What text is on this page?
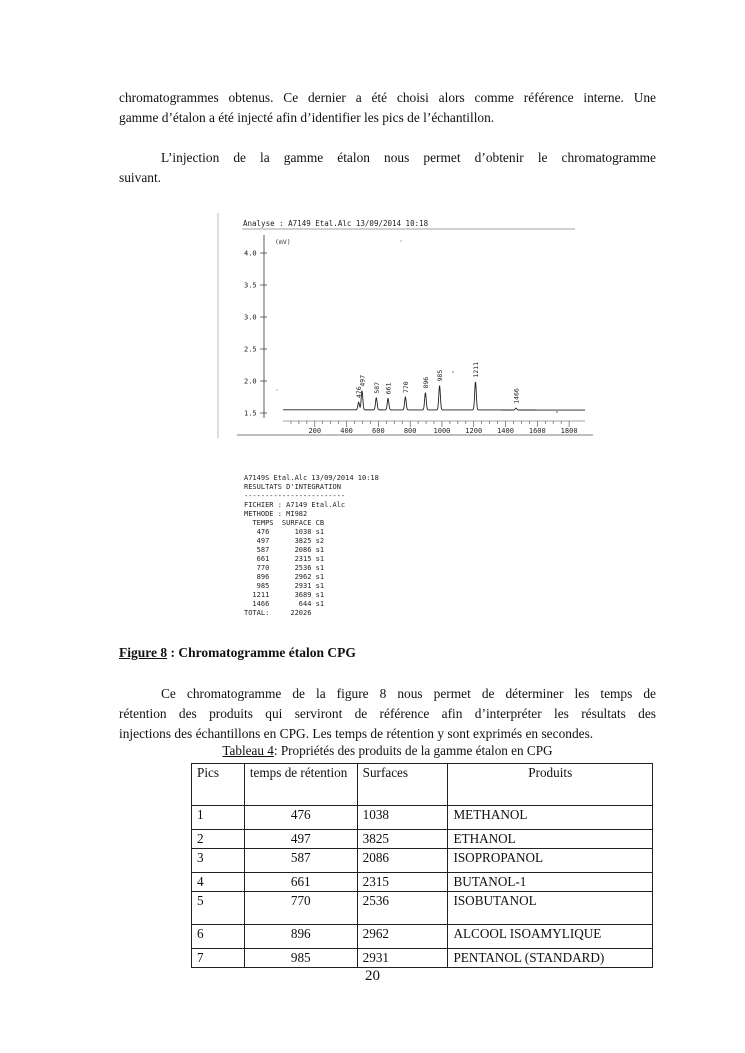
chromatogrammes obtenus. Ce dernier a été choisi alors comme référence interne. Une
gamme d’étalon a été injecté afin d’identifier les pics de l’échantillon.
L’injection de la gamme étalon nous permet d’obtenir le chromatogramme
suivant.
Analyse : A7149 Etal.Alc 13/09/2014 10:18
(mV)
4.0
3.5
3.0
2.5
2.0
1.5
200	400	600	800 1000 1200 1400 1600 1800
476
497
587 661 770 896
985	1211
1466
A7149S Etal.Alc 13/09/2014 10:18
RESULTATS D'INTEGRATION
------------------------
FICHIER : A7149 Etal.Alc
METHODE : MI982
TEMPS  SURFACE CB
476      1038 s1
497      3825 s2
587      2086 s1
661      2315 s1
770      2536 s1
896      2962 s1
985      2931 s1
1211      3689 s1
1466       644 s1
TOTAL:     22026
Figure 8 : Chromatogramme étalon CPG
Ce chromatogramme de la figure 8 nous permet de déterminer les temps de
rétention des produits qui serviront de référence afin d’interpréter les résultats des
injections des échantillons en CPG. Les temps de rétention y sont exprimés en secondes.
Tableau 4: Propriétés des produits de la gamme étalon en CPG
Pics	temps de rétention	Surfaces	Produits
1	476	1038	METHANOL
2	497	3825	ETHANOL
3	587	2086	ISOPROPANOL
4	661	2315	BUTANOL-1
5	770	2536	ISOBUTANOL
6	896	2962	ALCOOL ISOAMYLIQUE
7	985	2931	PENTANOL (STANDARD)
20
